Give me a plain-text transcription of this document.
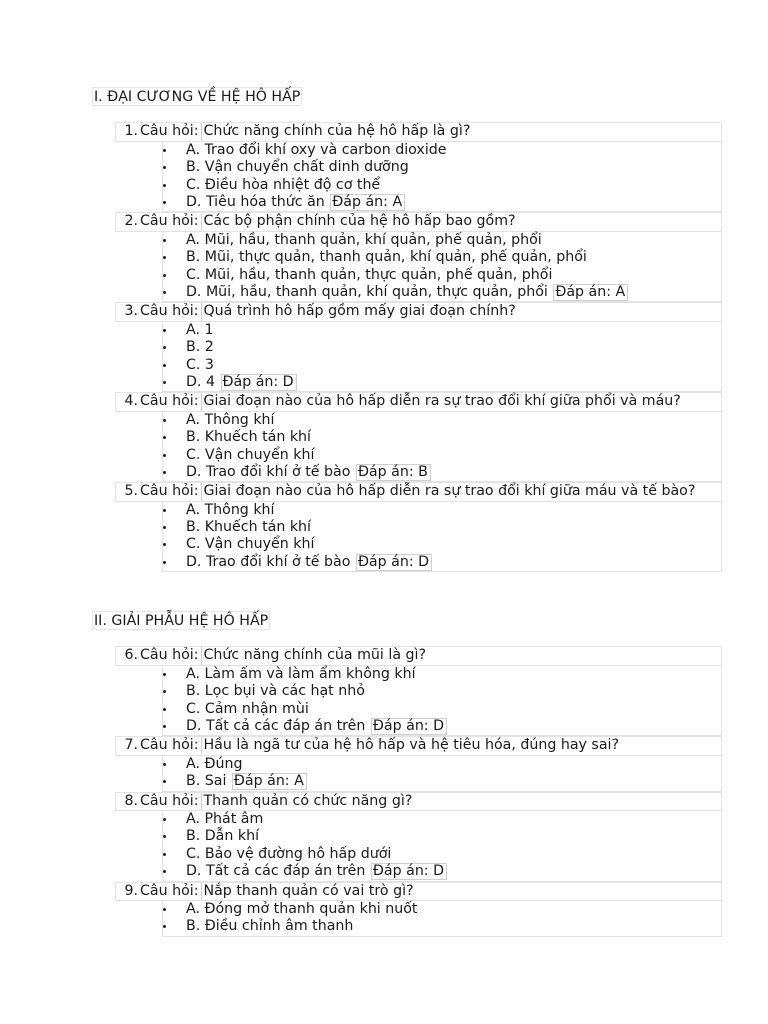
I. ĐẠI CƯƠNG VỀ HỆ HÔ HẤP
1. Câu hỏi: Chức năng chính của hệ hô hấp là gì?
A. Trao đổi khí oxy và carbon dioxide
B. Vận chuyển chất dinh dưỡng
C. Điều hòa nhiệt độ cơ thể
D. Tiêu hóa thức ăn Đáp án: A
2. Câu hỏi: Các bộ phận chính của hệ hô hấp bao gồm?
A. Mũi, hầu, thanh quản, khí quản, phế quản, phổi
B. Mũi, thực quản, thanh quản, khí quản, phế quản, phổi
C. Mũi, hầu, thanh quản, thực quản, phế quản, phổi
D. Mũi, hầu, thanh quản, khí quản, thực quản, phổi Đáp án: A
3. Câu hỏi: Quá trình hô hấp gồm mấy giai đoạn chính?
A. 1
B. 2
C. 3
D. 4 Đáp án: D
4. Câu hỏi: Giai đoạn nào của hô hấp diễn ra sự trao đổi khí giữa phổi và máu?
A. Thông khí
B. Khuếch tán khí
C. Vận chuyển khí
D. Trao đổi khí ở tế bào Đáp án: B
5. Câu hỏi: Giai đoạn nào của hô hấp diễn ra sự trao đổi khí giữa máu và tế bào?
A. Thông khí
B. Khuếch tán khí
C. Vận chuyển khí
D. Trao đổi khí ở tế bào Đáp án: D
II. GIẢI PHẪU HỆ HÔ HẤP
6. Câu hỏi: Chức năng chính của mũi là gì?
A. Làm ấm và làm ẩm không khí
B. Lọc bụi và các hạt nhỏ
C. Cảm nhận mùi
D. Tất cả các đáp án trên Đáp án: D
7. Câu hỏi: Hầu là ngã tư của hệ hô hấp và hệ tiêu hóa, đúng hay sai?
A. Đúng
B. Sai Đáp án: A
8. Câu hỏi: Thanh quản có chức năng gì?
A. Phát âm
B. Dẫn khí
C. Bảo vệ đường hô hấp dưới
D. Tất cả các đáp án trên Đáp án: D
9. Câu hỏi: Nắp thanh quản có vai trò gì?
A. Đóng mở thanh quản khi nuốt
B. Điều chỉnh âm thanh
